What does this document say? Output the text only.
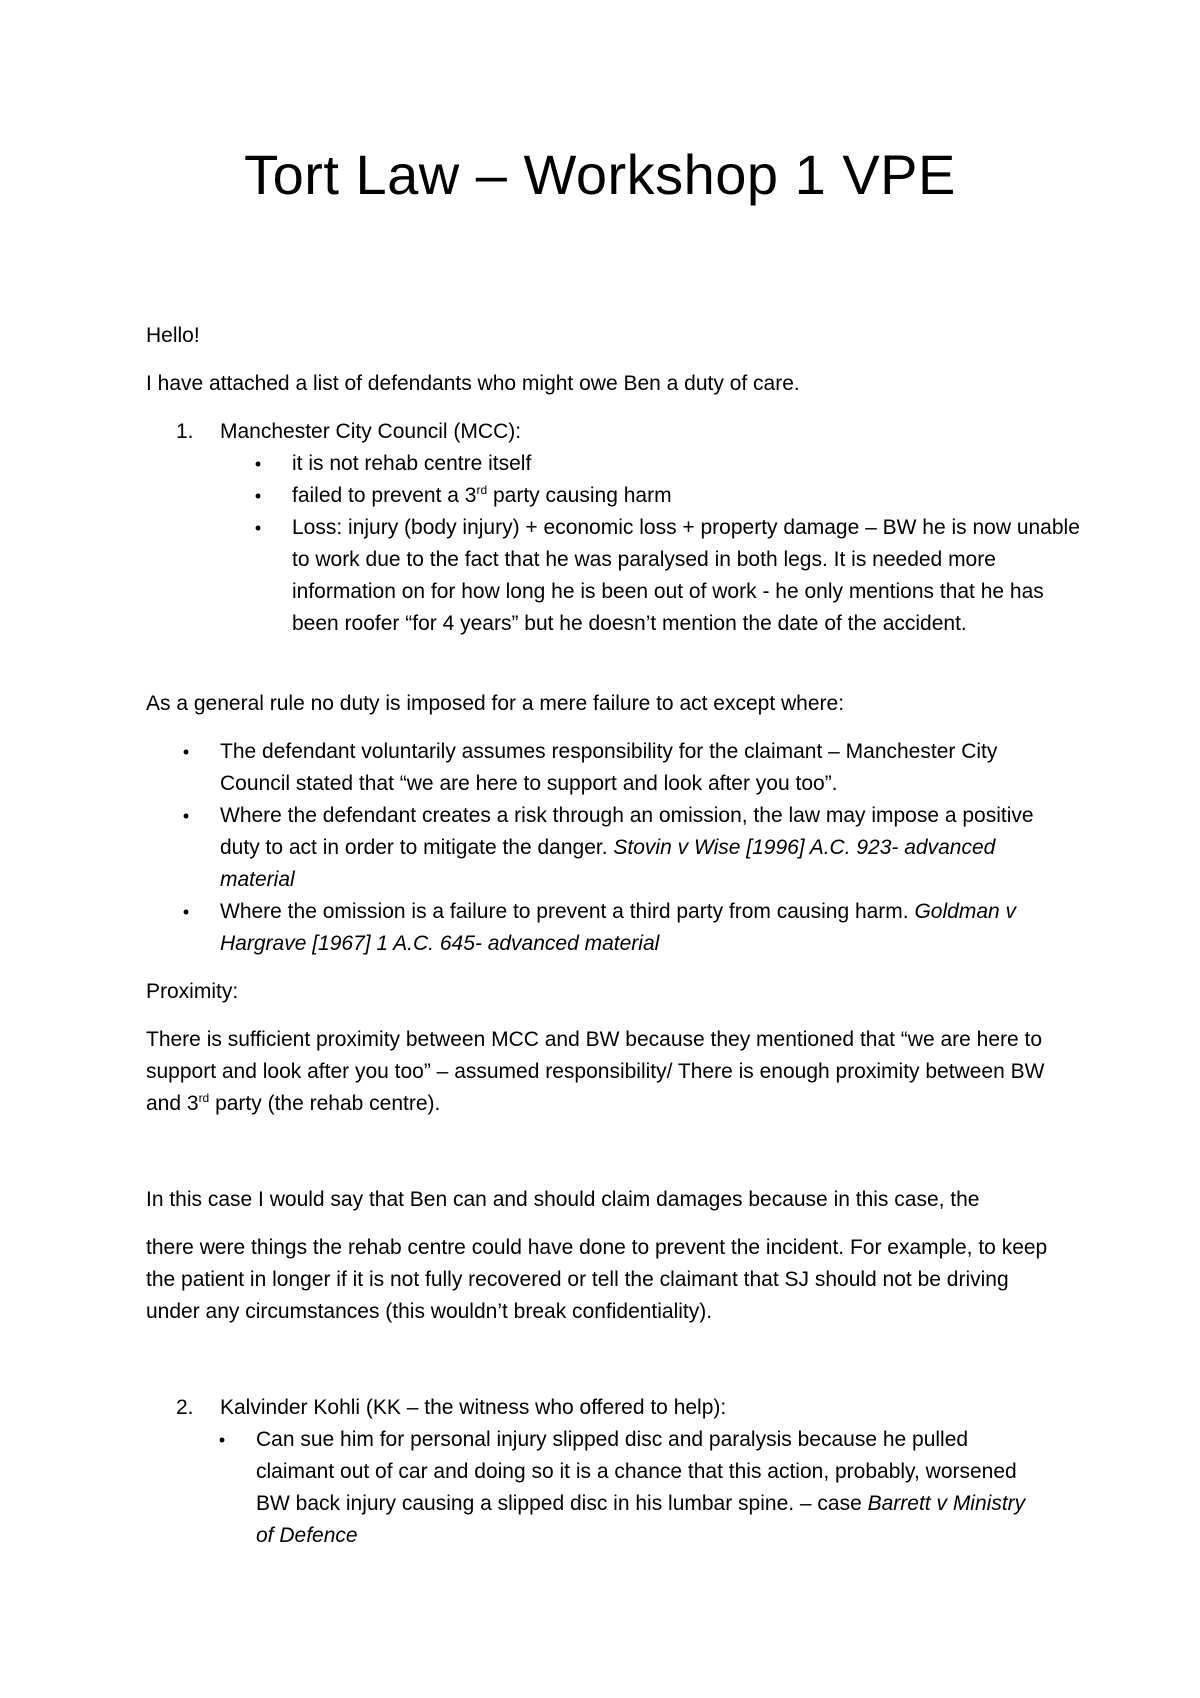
Tort Law – Workshop 1 VPE

Hello!

I have attached a list of defendants who might owe Ben a duty of care.

1. Manchester City Council (MCC):
•	it is not rehab centre itself
•	failed to prevent a 3rd party causing harm
•	Loss: injury (body injury) + economic loss + property damage – BW he is now unable to work due to the fact that he was paralysed in both legs. It is needed more information on for how long he is been out of work - he only mentions that he has been roofer “for 4 years” but he doesn’t mention the date of the accident.

As a general rule no duty is imposed for a mere failure to act except where:

•	The defendant voluntarily assumes responsibility for the claimant – Manchester City Council stated that “we are here to support and look after you too”.
•	Where the defendant creates a risk through an omission, the law may impose a positive duty to act in order to mitigate the danger. Stovin v Wise [1996] A.C. 923- advanced material
•	Where the omission is a failure to prevent a third party from causing harm. Goldman v Hargrave [1967] 1 A.C. 645- advanced material

Proximity:

There is sufficient proximity between MCC and BW because they mentioned that “we are here to support and look after you too” – assumed responsibility/ There is enough proximity between BW and 3rd party (the rehab centre).

In this case I would say that Ben can and should claim damages because in this case, the

there were things the rehab centre could have done to prevent the incident. For example, to keep the patient in longer if it is not fully recovered or tell the claimant that SJ should not be driving under any circumstances (this wouldn’t break confidentiality).

2. Kalvinder Kohli (KK – the witness who offered to help):
•	Can sue him for personal injury slipped disc and paralysis because he pulled claimant out of car and doing so it is a chance that this action, probably, worsened BW back injury causing a slipped disc in his lumbar spine. – case Barrett v Ministry of Defence
